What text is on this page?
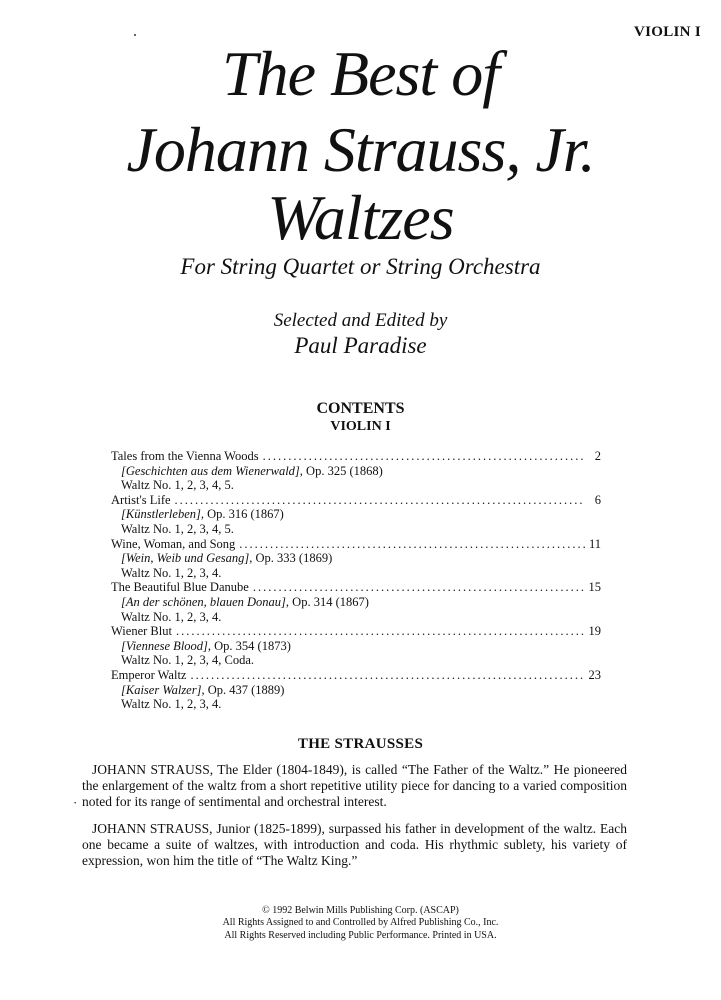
VIOLIN I
The Best of
Johann Strauss, Jr.
Waltzes
For String Quartet or String Orchestra
Selected and Edited by
Paul Paradise
CONTENTS
VIOLIN I
Tales from the Vienna Woods .....	2
[Geschichten aus dem Wienerwald], Op. 325 (1868)
Waltz No. 1, 2, 3, 4, 5.
Artist's Life .....	6
[Künstlerleben], Op. 316 (1867)
Waltz No. 1, 2, 3, 4, 5.
Wine, Woman, and Song .....	11
[Wein, Weib und Gesang], Op. 333 (1869)
Waltz No. 1, 2, 3, 4.
The Beautiful Blue Danube .....	15
[An der schönen, blauen Donau], Op. 314 (1867)
Waltz No. 1, 2, 3, 4.
Wiener Blut .....	19
[Viennese Blood], Op. 354 (1873)
Waltz No. 1, 2, 3, 4, Coda.
Emperor Waltz .....	23
[Kaiser Walzer], Op. 437 (1889)
Waltz No. 1, 2, 3, 4.
THE STRAUSSES
·
JOHANN STRAUSS, The Elder (1804-1849), is called “The Father of the Waltz.” He pioneered the enlargement of the waltz from a short repetitive utility piece for dancing to a varied composition noted for its range of sentimental and orchestral interest.
JOHANN STRAUSS, Junior (1825-1899), surpassed his father in development of the waltz. Each one became a suite of waltzes, with introduction and coda. His rhythmic sublety, his variety of expression, won him the title of “The Waltz King.”
© 1992 Belwin Mills Publishing Corp. (ASCAP)
All Rights Assigned to and Controlled by Alfred Publishing Co., Inc.
All Rights Reserved including Public Performance. Printed in USA.
